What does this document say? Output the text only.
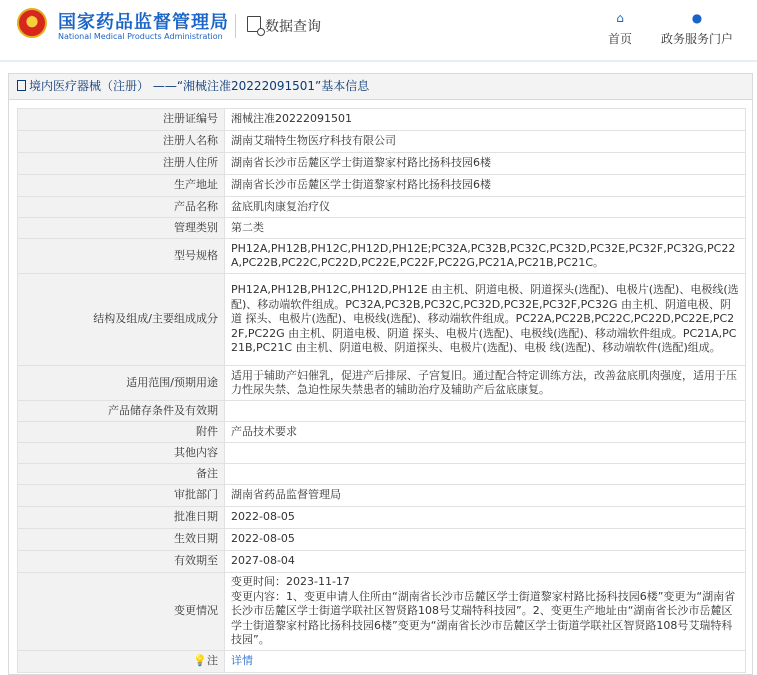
★
国家药品监督管理局
National Medical Products Administration
数据查询
⌂
首页
●
政务服务门户
境内医疗器械（注册） ——“湘械注准20222091501”基本信息
注册证编号	湘械注准20222091501
注册人名称	湖南艾瑞特生物医疗科技有限公司
注册人住所	湖南省长沙市岳麓区学士街道黎家村路比扬科技园6楼
生产地址	湖南省长沙市岳麓区学士街道黎家村路比扬科技园6楼
产品名称	盆底肌肉康复治疗仪
管理类别	第二类
型号规格	PH12A,PH12B,PH12C,PH12D,PH12E;PC32A,PC32B,PC32C,PC32D,PC32E,PC32F,PC32G,PC22A,PC22B,PC22C,PC22D,PC22E,PC22F,PC22G,PC21A,PC21B,PC21C。
结构及组成/主要组成成分	PH12A,PH12B,PH12C,PH12D,PH12E 由主机、阴道电极、阴道探头(选配)、电极片(选配)、电极线(选配)、移动端软件组成。PC32A,PC32B,PC32C,PC32D,PC32E,PC32F,PC32G 由主机、阴道电极、阴道 探头、电极片(选配)、电极线(选配)、移动端软件组成。PC22A,PC22B,PC22C,PC22D,PC22E,PC22F,PC22G 由主机、阴道电极、阴道 探头、电极片(选配)、电极线(选配)、移动端软件组成。PC21A,PC21B,PC21C 由主机、阴道电极、阴道探头、电极片(选配)、电极 线(选配)、移动端软件(选配)组成。
适用范围/预期用途	适用于辅助产妇催乳，促进产后排尿、子宫复旧。通过配合特定训练方法，改善盆底肌肉强度，适用于压力性尿失禁、急迫性尿失禁患者的辅助治疗及辅助产后盆底康复。
产品储存条件及有效期	
附件	产品技术要求
其他内容	
备注	
审批部门	湖南省药品监督管理局
批准日期	2022-08-05
生效日期	2022-08-05
有效期至	2027-08-04
变更情况	变更时间：2023-11-17
变更内容：1、变更申请人住所由“湖南省长沙市岳麓区学士街道黎家村路比扬科技园6楼”变更为“湖南省长沙市岳麓区学士街道学联社区智贤路108号艾瑞特科技园”。2、变更生产地址由“湖南省长沙市岳麓区学士街道黎家村路比扬科技园6楼”变更为“湖南省长沙市岳麓区学士街道学联社区智贤路108号艾瑞特科技园”。

💡注	详情
